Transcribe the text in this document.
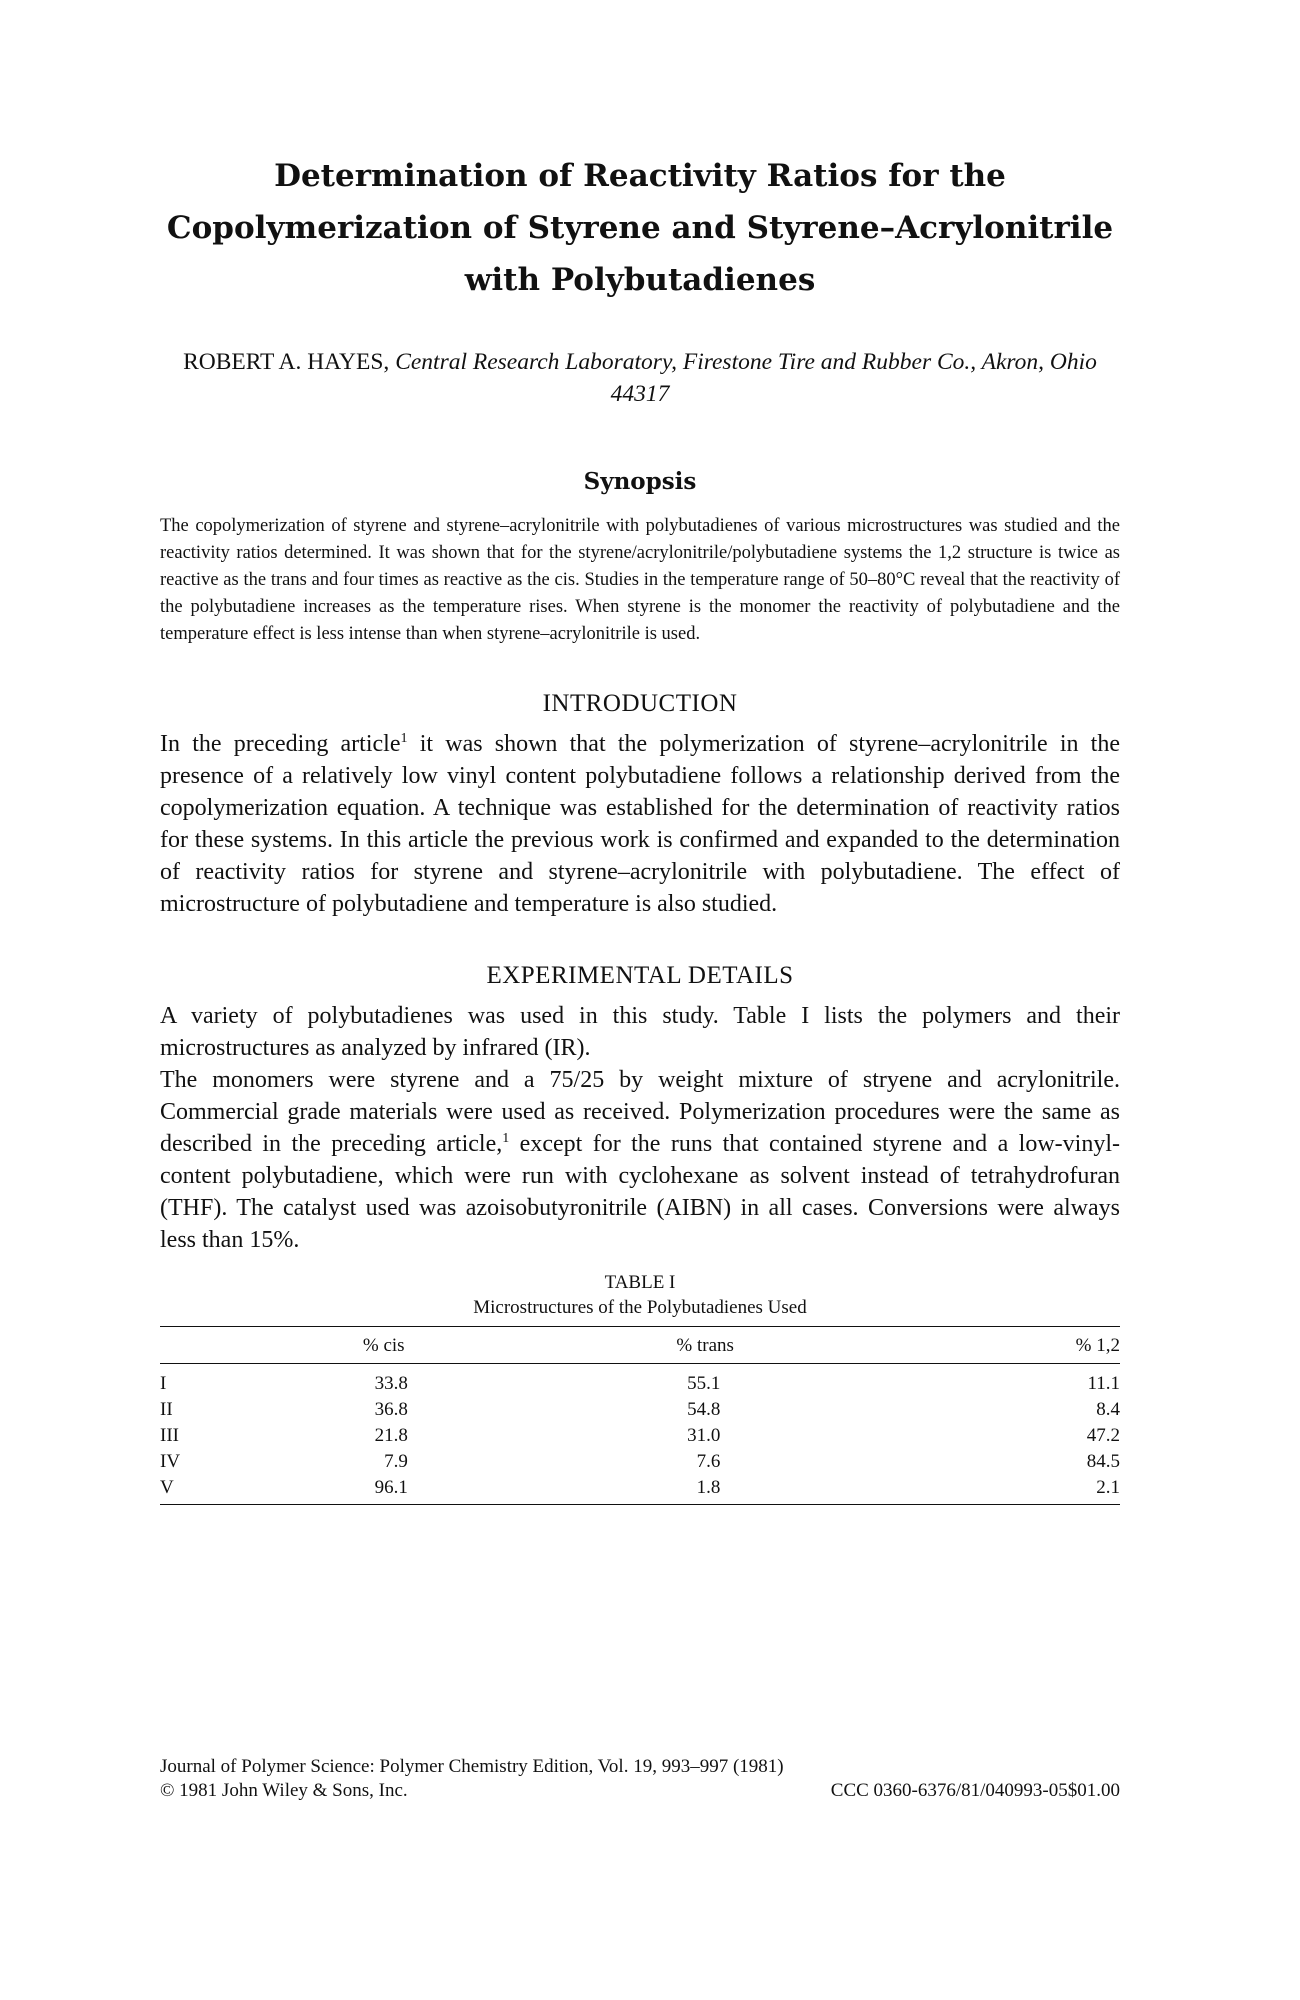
Determination of Reactivity Ratios for the Copolymerization of Styrene and Styrene–Acrylonitrile with Polybutadienes
ROBERT A. HAYES, Central Research Laboratory, Firestone Tire and Rubber Co., Akron, Ohio 44317
Synopsis

The copolymerization of styrene and styrene–acrylonitrile with polybutadienes of various microstructures was studied and the reactivity ratios determined. It was shown that for the styrene/acrylonitrile/polybutadiene systems the 1,2 structure is twice as reactive as the trans and four times as reactive as the cis. Studies in the temperature range of 50–80°C reveal that the reactivity of the polybutadiene increases as the temperature rises. When styrene is the monomer the reactivity of polybutadiene and the temperature effect is less intense than when styrene–acrylonitrile is used.

INTRODUCTION

In the preceding article$^1$ it was shown that the polymerization of styrene–acrylonitrile in the presence of a relatively low vinyl content polybutadiene follows a relationship derived from the copolymerization equation. A technique was established for the determination of reactivity ratios for these systems. In this article the previous work is confirmed and expanded to the determination of reactivity ratios for styrene and styrene–acrylonitrile with polybutadiene. The effect of microstructure of polybutadiene and temperature is also studied.

EXPERIMENTAL DETAILS

A variety of polybutadienes was used in this study. Table I lists the polymers and their microstructures as analyzed by infrared (IR).

The monomers were styrene and a 75/25 by weight mixture of stryene and acrylonitrile. Commercial grade materials were used as received. Polymerization procedures were the same as described in the preceding article,$^1$ except for the runs that contained styrene and a low-vinyl-content polybutadiene, which were run with cyclohexane as solvent instead of tetrahydrofuran (THF). The catalyst used was azoisobutyronitrile (AIBN) in all cases. Conversions were always less than 15%.

TABLE I
Microstructures of the Polybutadienes Used
	% cis	% trans	% 1,2
I	33.8	55.1	11.1
II	36.8	54.8	8.4
III	21.8	31.0	47.2
IV	7.9	7.6	84.5
V	96.1	1.8	2.1
Journal of Polymer Science: Polymer Chemistry Edition, Vol. 19, 993–997 (1981)
© 1981 John Wiley & Sons, Inc.	CCC 0360-6376/81/040993-05$01.00
